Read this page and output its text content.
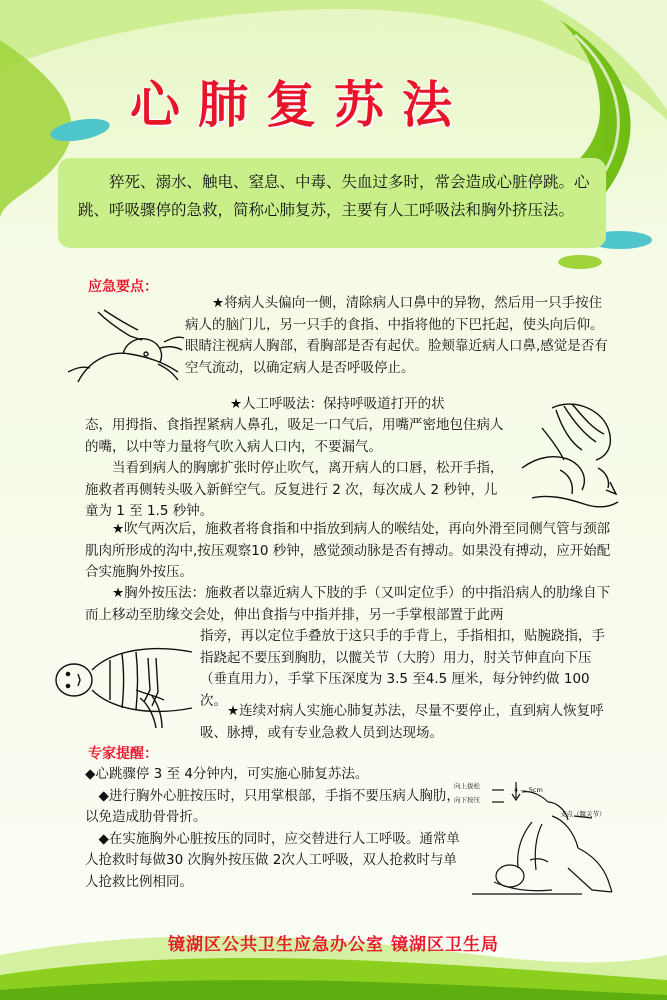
心肺复苏法

猝死、溺水、触电、窒息、中毒、失血过多时，常会造成心脏停跳。心跳、呼吸骤停的急救，简称心肺复苏，主要有人工呼吸法和胸外挤压法。

应急要点：

★将病人头偏向一侧，清除病人口鼻中的异物，然后用一只手按住病人的脑门儿，另一只手的食指、中指将他的下巴托起，使头向后仰。眼睛注视病人胸部，看胸部是否有起伏。脸颊靠近病人口鼻,感觉是否有空气流动，以确定病人是否呼吸停止。

★人工呼吸法：保持呼吸道打开的状

态，用拇指、食指捏紧病人鼻孔，吸足一口气后，用嘴严密地包住病人的嘴，以中等力量将气吹入病人口内，不要漏气。

当看到病人的胸廓扩张时停止吹气，离开病人的口唇，松开手指，施救者再侧转头吸入新鲜空气。反复进行 2 次，每次成人 2 秒钟，儿童为 1 至 1.5 秒钟。

★吹气两次后，施救者将食指和中指放到病人的喉结处，再向外滑至同侧气管与颈部肌肉所形成的沟中,按压观察10 秒钟，感觉颈动脉是否有搏动。如果没有搏动，应开始配合实施胸外按压。

★胸外按压法：施救者以靠近病人下肢的手（又叫定位手）的中指沿病人的肋缘自下而上移动至肋缘交会处，伸出食指与中指并排，另一手掌根部置于此两

指旁，再以定位手叠放于这只手的手背上，手指相扣，贴腕跷指，手指跷起不要压到胸肋，以髋关节（大胯）用力，肘关节伸直向下压（垂直用力），手掌下压深度为 3.5 至4.5 厘米，每分钟约做 100次。

★连续对病人实施心肺复苏法，尽量不要停止，直到病人恢复呼吸、脉搏，或有专业急救人员到达现场。

专家提醒：

◆心跳骤停 3 至 4分钟内，可实施心肺复苏法。

◆进行胸外心脏按压时，只用掌根部，手指不要压病人胸肋，以免造成肋骨骨折。

◆在实施胸外心脏按压的同时，应交替进行人工呼吸。通常单人抢救时每做30 次胸外按压做 2次人工呼吸，双人抢救时与单人抢救比例相同。

向上拔松
向下按压
4 — 5cm
支点（髋关节）
镜湖区公共卫生应急办公室 镜湖区卫生局
